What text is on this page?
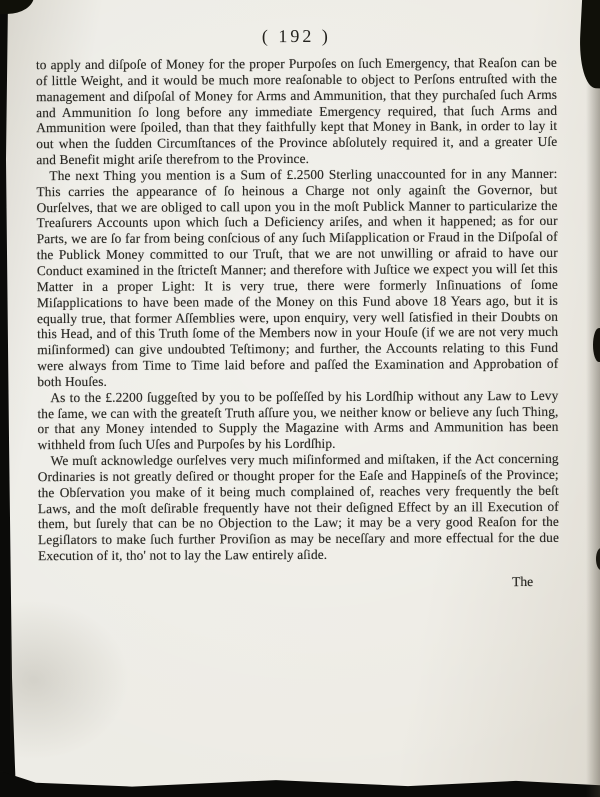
( 192 )

to apply and diſpoſe of Money for the proper Purpoſes on ſuch Emergency, that Reaſon can be of little Weight, and it would be much more reaſonable to object to Perſons entruſted with the management and diſpoſal of Money for Arms and Ammunition, that they purchaſed ſuch Arms and Ammunition ſo long before any immediate Emergency required, that ſuch Arms and Ammunition were ſpoiled, than that they faithfully kept that Money in Bank, in order to lay it out when the ſudden Circumſtances of the Province abſolutely required it, and a greater Uſe and Benefit might ariſe therefrom to the Province.

The next Thing you mention is a Sum of £.2500 Sterling unaccounted for in any Manner: This carries the appearance of ſo heinous a Charge not only againſt the Governor, but Ourſelves, that we are obliged to call upon you in the moſt Publick Manner to particularize the Treaſurers Accounts upon which ſuch a Deficiency ariſes, and when it happened; as for our Parts, we are ſo far from being conſcious of any ſuch Miſapplication or Fraud in the Diſpoſal of the Publick Money committed to our Truſt, that we are not unwilling or afraid to have our Conduct examined in the ſtricteſt Manner; and therefore with Juſtice we expect you will ſet this Matter in a proper Light: It is very true, there were formerly Inſinuations of ſome Miſapplications to have been made of the Money on this Fund above 18 Years ago, but it is equally true, that former Aſſemblies were, upon enquiry, very well ſatisfied in their Doubts on this Head, and of this Truth ſome of the Members now in your Houſe (if we are not very much miſinformed) can give undoubted Teſtimony; and further, the Accounts relating to this Fund were always from Time to Time laid before and paſſed the Examination and Approbation of both Houſes.

As to the £.2200 ſuggeſted by you to be poſſeſſed by his Lordſhip without any Law to Levy the ſame, we can with the greateſt Truth aſſure you, we neither know or believe any ſuch Thing, or that any Money intended to Supply the Magazine with Arms and Ammunition has been withheld from ſuch Uſes and Purpoſes by his Lordſhip.

We muſt acknowledge ourſelves very much miſinformed and miſtaken, if the Act concerning Ordinaries is not greatly deſired or thought proper for the Eaſe and Happineſs of the Province; the Obſervation you make of it being much complained of, reaches very frequently the beſt Laws, and the moſt deſirable frequently have not their deſigned Effect by an ill Execution of them, but ſurely that can be no Objection to the Law; it may be a very good Reaſon for the Legiſlators to make ſuch further Proviſion as may be neceſſary and more effectual for the due Execution of it, tho' not to lay the Law entirely aſide.

The
